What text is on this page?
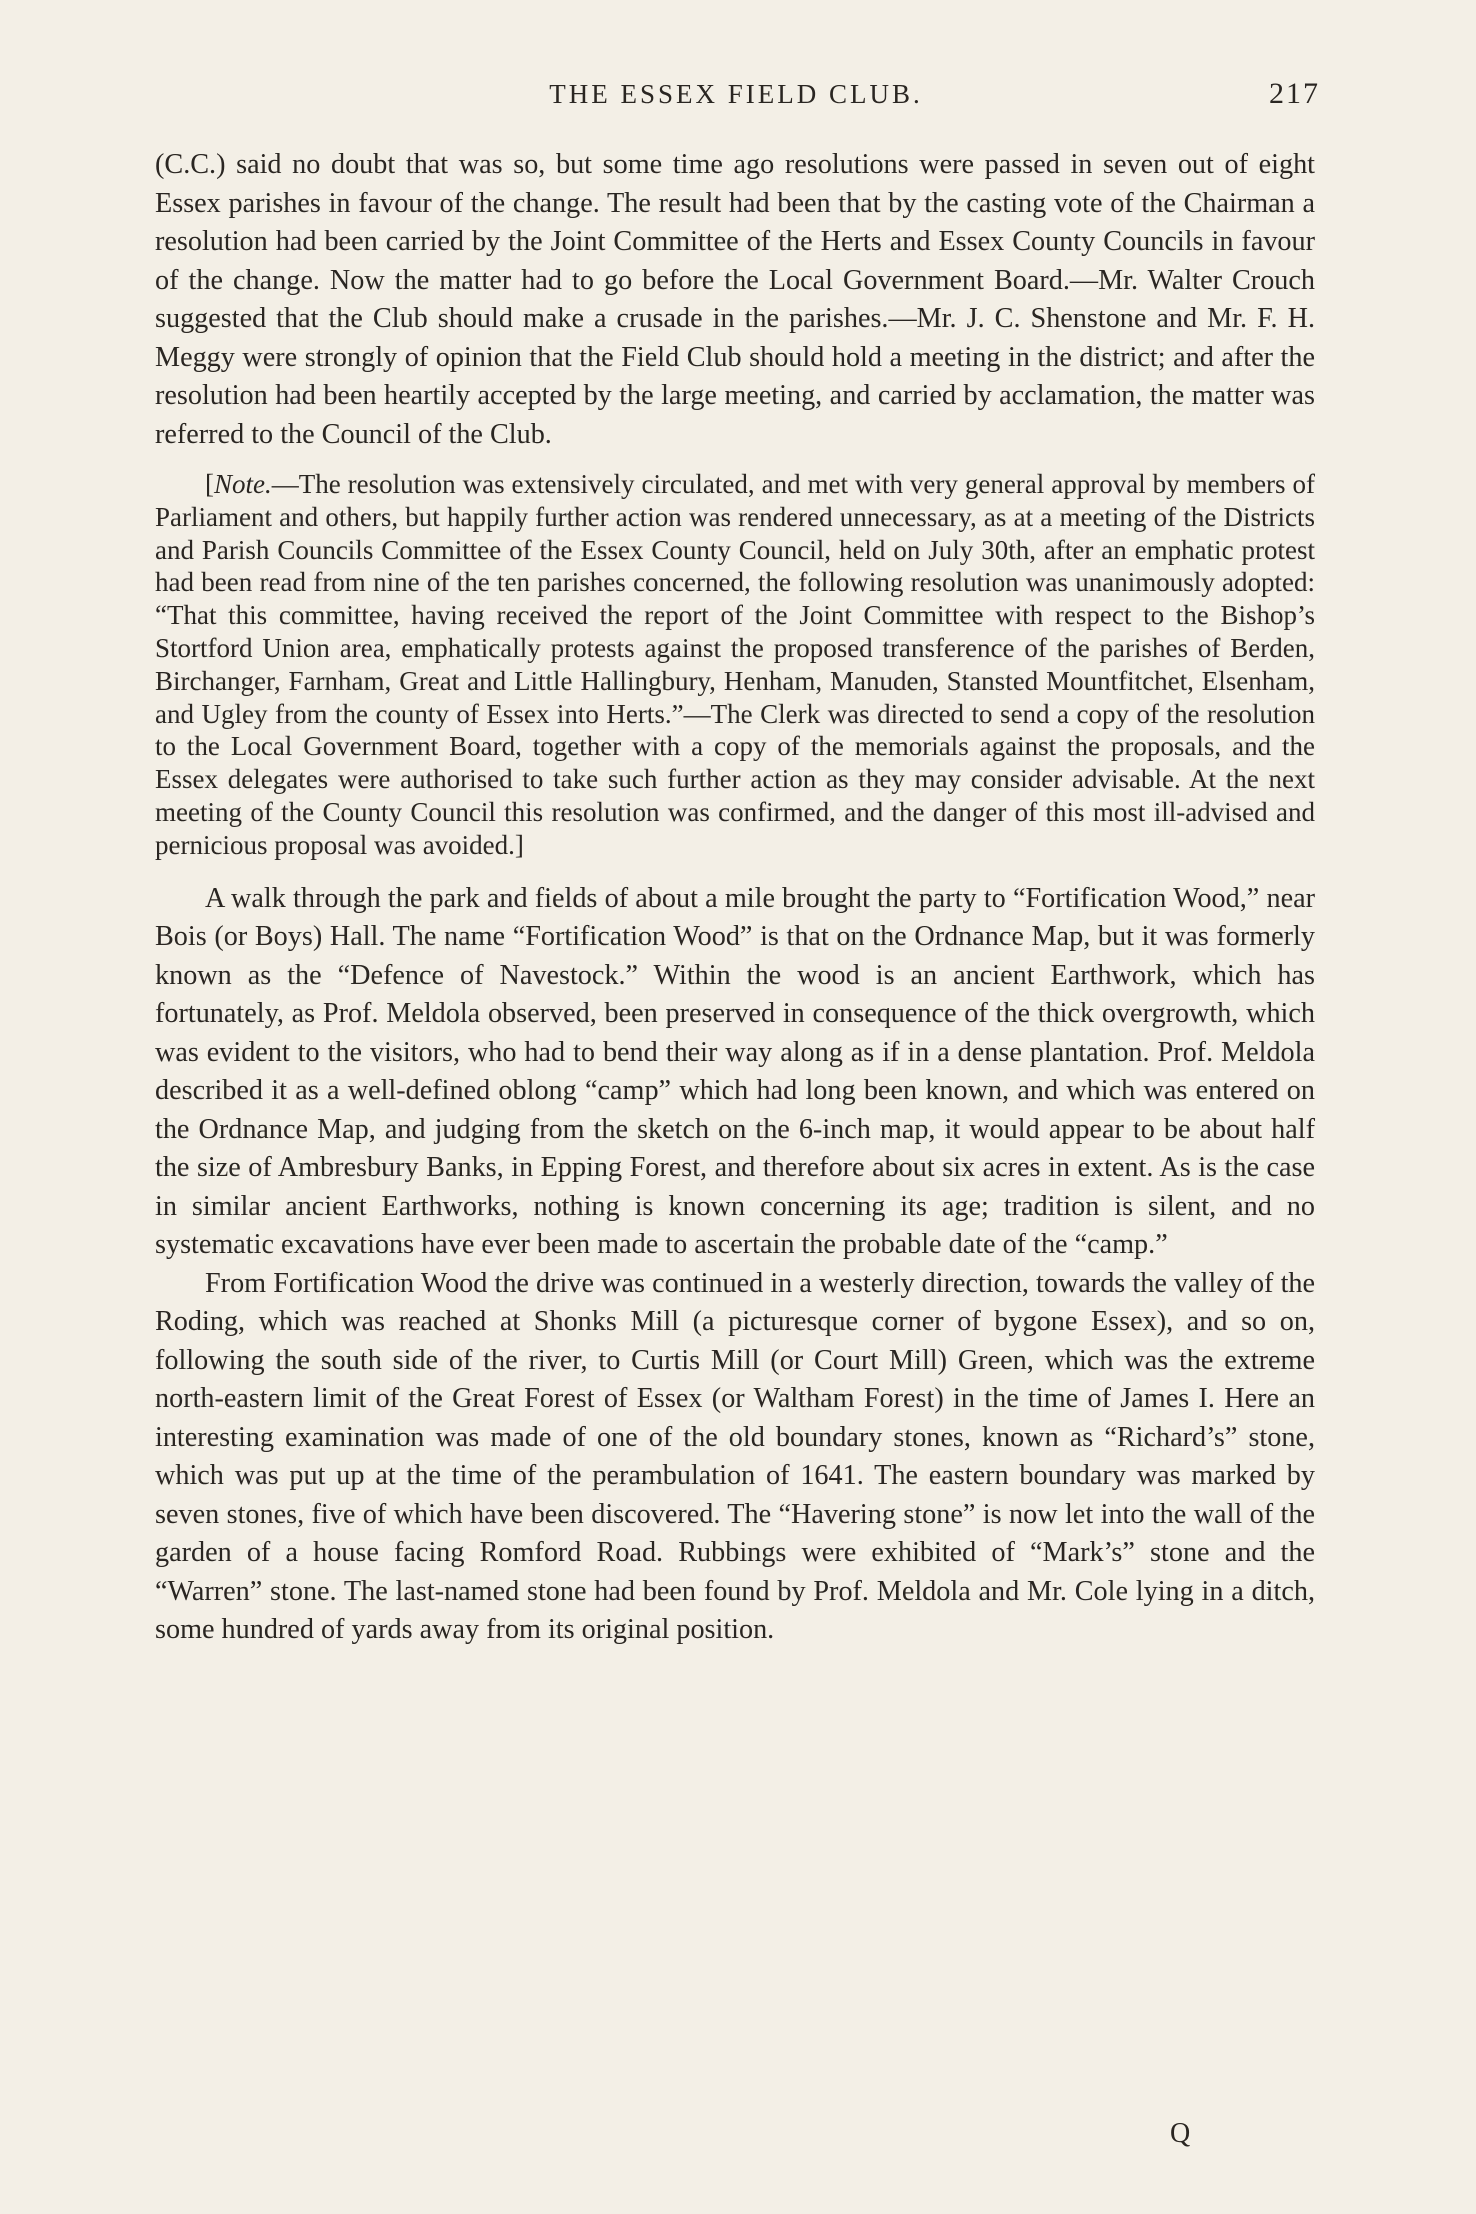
THE ESSEX FIELD CLUB.	217

(C.C.) said no doubt that was so, but some time ago resolutions were passed in seven out of eight Essex parishes in favour of the change. The result had been that by the casting vote of the Chairman a resolution had been carried by the Joint Committee of the Herts and Essex County Councils in favour of the change. Now the matter had to go before the Local Government Board.—Mr. Walter Crouch suggested that the Club should make a crusade in the parishes.—Mr. J. C. Shenstone and Mr. F. H. Meggy were strongly of opinion that the Field Club should hold a meeting in the district; and after the resolution had been heartily accepted by the large meeting, and carried by acclamation, the matter was referred to the Council of the Club.

[Note.—The resolution was extensively circulated, and met with very general approval by members of Parliament and others, but happily further action was rendered unnecessary, as at a meeting of the Districts and Parish Councils Committee of the Essex County Council, held on July 30th, after an emphatic protest had been read from nine of the ten parishes concerned, the following resolution was unanimously adopted: “That this committee, having received the report of the Joint Committee with respect to the Bishop’s Stortford Union area, emphatically protests against the proposed transference of the parishes of Berden, Birchanger, Farnham, Great and Little Hallingbury, Henham, Manuden, Stansted Mountfitchet, Elsenham, and Ugley from the county of Essex into Herts.”—The Clerk was directed to send a copy of the resolution to the Local Government Board, together with a copy of the memorials against the proposals, and the Essex delegates were authorised to take such further action as they may consider advisable. At the next meeting of the County Council this resolution was confirmed, and the danger of this most ill-advised and pernicious proposal was avoided.]

A walk through the park and fields of about a mile brought the party to “Fortification Wood,” near Bois (or Boys) Hall. The name “Fortification Wood” is that on the Ordnance Map, but it was formerly known as the “Defence of Navestock.” Within the wood is an ancient Earthwork, which has fortunately, as Prof. Meldola observed, been preserved in consequence of the thick overgrowth, which was evident to the visitors, who had to bend their way along as if in a dense plantation. Prof. Meldola described it as a well-defined oblong “camp” which had long been known, and which was entered on the Ordnance Map, and judging from the sketch on the 6-inch map, it would appear to be about half the size of Ambresbury Banks, in Epping Forest, and therefore about six acres in extent. As is the case in similar ancient Earthworks, nothing is known concerning its age; tradition is silent, and no systematic excavations have ever been made to ascertain the probable date of the “camp.”

From Fortification Wood the drive was continued in a westerly direction, towards the valley of the Roding, which was reached at Shonks Mill (a picturesque corner of bygone Essex), and so on, following the south side of the river, to Curtis Mill (or Court Mill) Green, which was the extreme north-eastern limit of the Great Forest of Essex (or Waltham Forest) in the time of James I. Here an interesting examination was made of one of the old boundary stones, known as “Richard’s” stone, which was put up at the time of the perambulation of 1641. The eastern boundary was marked by seven stones, five of which have been discovered. The “Havering stone” is now let into the wall of the garden of a house facing Romford Road. Rubbings were exhibited of “Mark’s” stone and the “Warren” stone. The last-named stone had been found by Prof. Meldola and Mr. Cole lying in a ditch, some hundred of yards away from its original position.

Q
